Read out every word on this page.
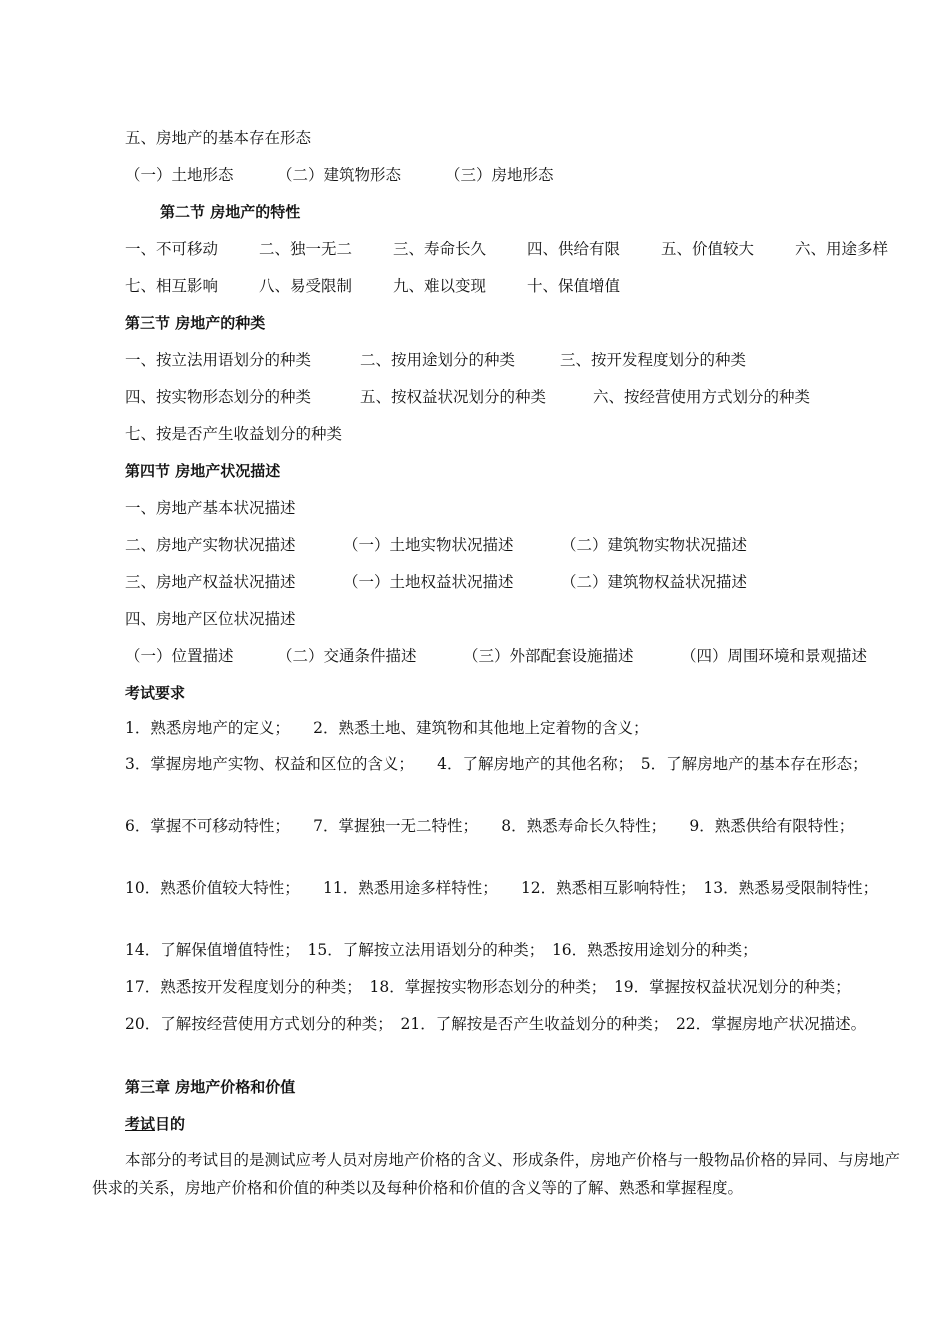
五、房地产的基本存在形态
（一）土地形态	（二）建筑物形态	（三）房地形态
第二节 房地产的特性
一、不可移动	二、独一无二	三、寿命长久	四、供给有限	五、价值较大	六、用途多样
七、相互影响	八、易受限制	九、难以变现	十、保值增值
第三节 房地产的种类
一、按立法用语划分的种类	二、按用途划分的种类	三、按开发程度划分的种类
四、按实物形态划分的种类	五、按权益状况划分的种类	六、按经营使用方式划分的种类
七、按是否产生收益划分的种类
第四节 房地产状况描述
一、房地产基本状况描述
二、房地产实物状况描述	（一）土地实物状况描述	（二）建筑物实物状况描述
三、房地产权益状况描述	（一）土地权益状况描述	（二）建筑物权益状况描述
四、房地产区位状况描述
（一）位置描述	（二）交通条件描述	（三）外部配套设施描述	（四）周围环境和景观描述
考试要求
1．熟悉房地产的定义；　　2．熟悉土地、建筑物和其他地上定着物的含义；
3．掌握房地产实物、权益和区位的含义；　　4．了解房地产的其他名称；　5．了解房地产的基本存在形态；
6．掌握不可移动特性；　　7．掌握独一无二特性；　　8．熟悉寿命长久特性；　　9．熟悉供给有限特性；
10．熟悉价值较大特性；　　11．熟悉用途多样特性；　　12．熟悉相互影响特性；　13．熟悉易受限制特性；
14．了解保值增值特性；　15．了解按立法用语划分的种类；　16．熟悉按用途划分的种类；
17．熟悉按开发程度划分的种类；　18．掌握按实物形态划分的种类；　19．掌握按权益状况划分的种类；
20．了解按经营使用方式划分的种类；　21．了解按是否产生收益划分的种类；　22．掌握房地产状况描述。
第三章 房地产价格和价值
考试目的
本部分的考试目的是测试应考人员对房地产价格的含义、形成条件，房地产价格与一般物品价格的异同、与房地产供求的关系，房地产价格和价值的种类以及每种价格和价值的含义等的了解、熟悉和掌握程度。
